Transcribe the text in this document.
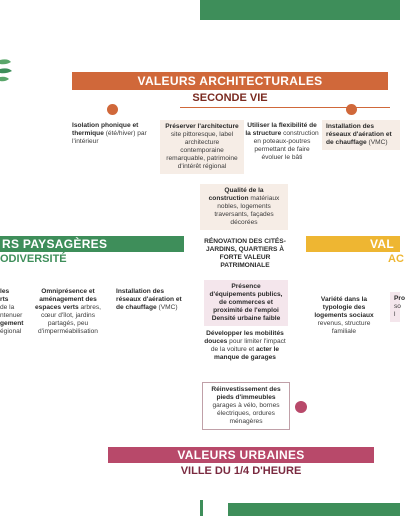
VALEURS ARCHITECTURALES
SECONDE VIE
Isolation phonique et thermique (été/hiver) par l'intérieur
Préserver l'architecture site pittoresque, label architecture contemporaine remarquable, patrimoine d'intérêt régional
Utiliser la flexibilité de la structure construction en poteaux-poutres permettant de faire évoluer le bâti
Installation des réseaux d'aération et de chauffage (VMC)
Qualité de la construction matériaux nobles, logements traversants, façades décorées
RS PAYSAGÈRES
ODIVERSITÉ
les
rts
de la
ntenuer
gement
égional
Omniprésence et aménagement des espaces verts arbres, cœur d'îlot, jardins partagés, peu d'imperméabilisation
Installation des réseaux d'aération et de chauffage (VMC)
RÉNOVATION DES CITÉS-JARDINS, QUARTIERS À FORTE VALEUR PATRIMONIALE
Présence d'équipements publics, de commerces et proximité de l'emploi Densité urbaine faible
Développer les mobilités douces pour limiter l'impact de la voiture et acter le manque de garages
Réinvestissement des pieds d'immeubles
garages à vélo, bornes électriques, ordures ménagères
VAL
AC
Variété dans la typologie des logements sociaux revenus, structure familiale
Pro
so
l
VALEURS URBAINES
VILLE DU 1/4 D'HEURE
